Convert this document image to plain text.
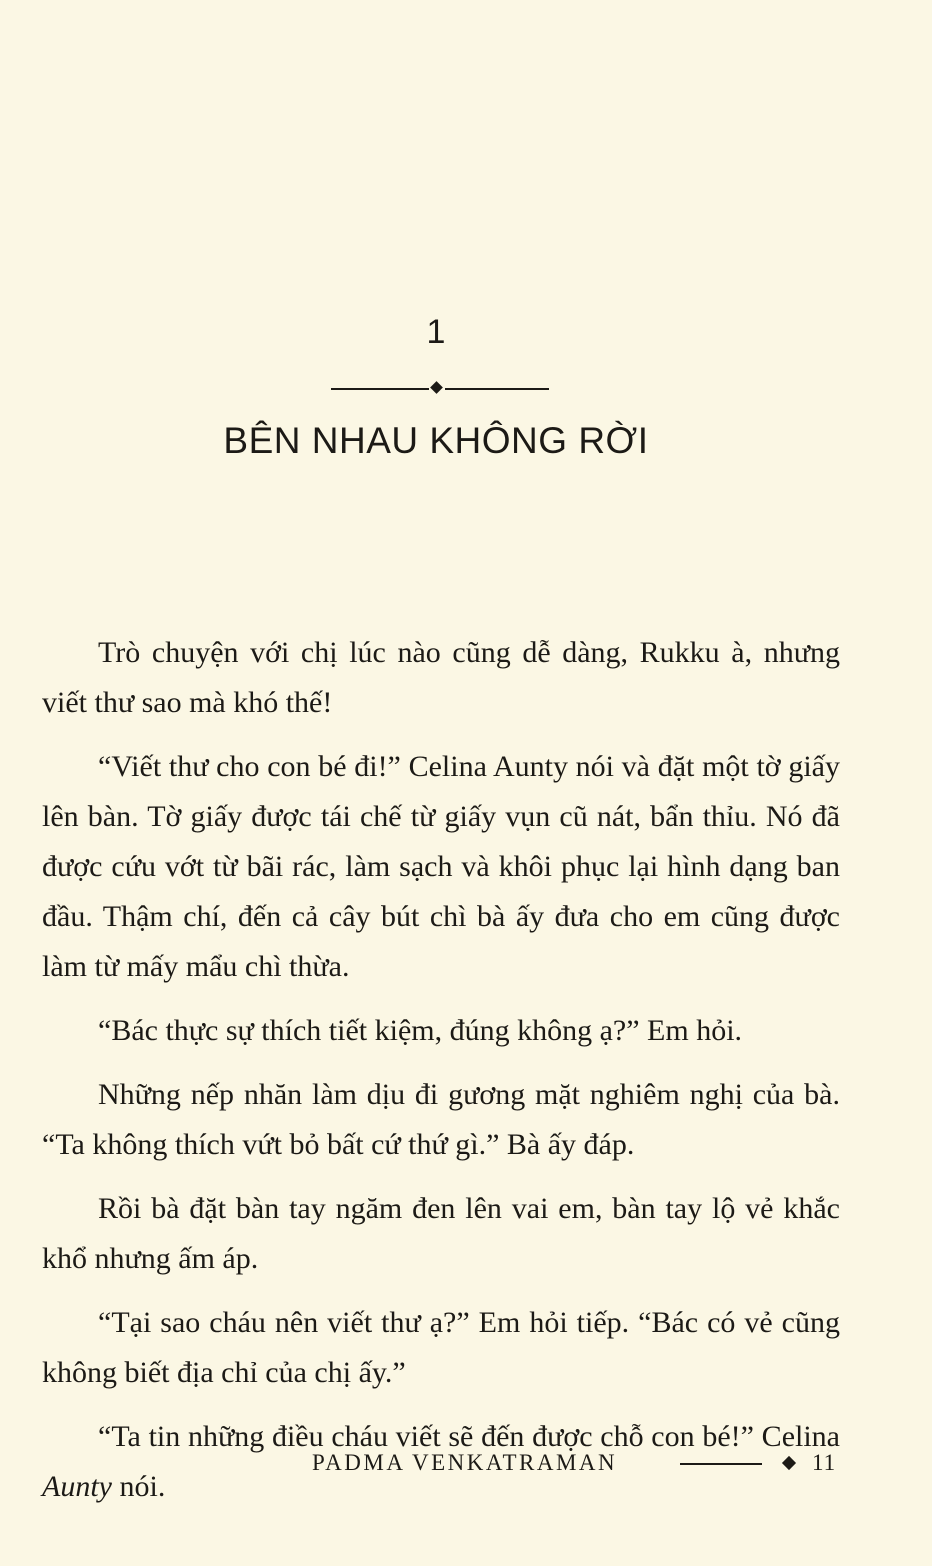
1
BÊN NHAU KHÔNG RỜI

Trò chuyện với chị lúc nào cũng dễ dàng, Rukku à, nhưng viết thư sao mà khó thế!

“Viết thư cho con bé đi!” Celina Aunty nói và đặt một tờ giấy lên bàn. Tờ giấy được tái chế từ giấy vụn cũ nát, bẩn thỉu. Nó đã được cứu vớt từ bãi rác, làm sạch và khôi phục lại hình dạng ban đầu. Thậm chí, đến cả cây bút chì bà ấy đưa cho em cũng được làm từ mấy mẩu chì thừa.

“Bác thực sự thích tiết kiệm, đúng không ạ?” Em hỏi.

Những nếp nhăn làm dịu đi gương mặt nghiêm nghị của bà. “Ta không thích vứt bỏ bất cứ thứ gì.” Bà ấy đáp.

Rồi bà đặt bàn tay ngăm đen lên vai em, bàn tay lộ vẻ khắc khổ nhưng ấm áp.

“Tại sao cháu nên viết thư ạ?” Em hỏi tiếp. “Bác có vẻ cũng không biết địa chỉ của chị ấy.”

“Ta tin những điều cháu viết sẽ đến được chỗ con bé!” Celina Aunty nói.

PADMA VENKATRAMAN	11
